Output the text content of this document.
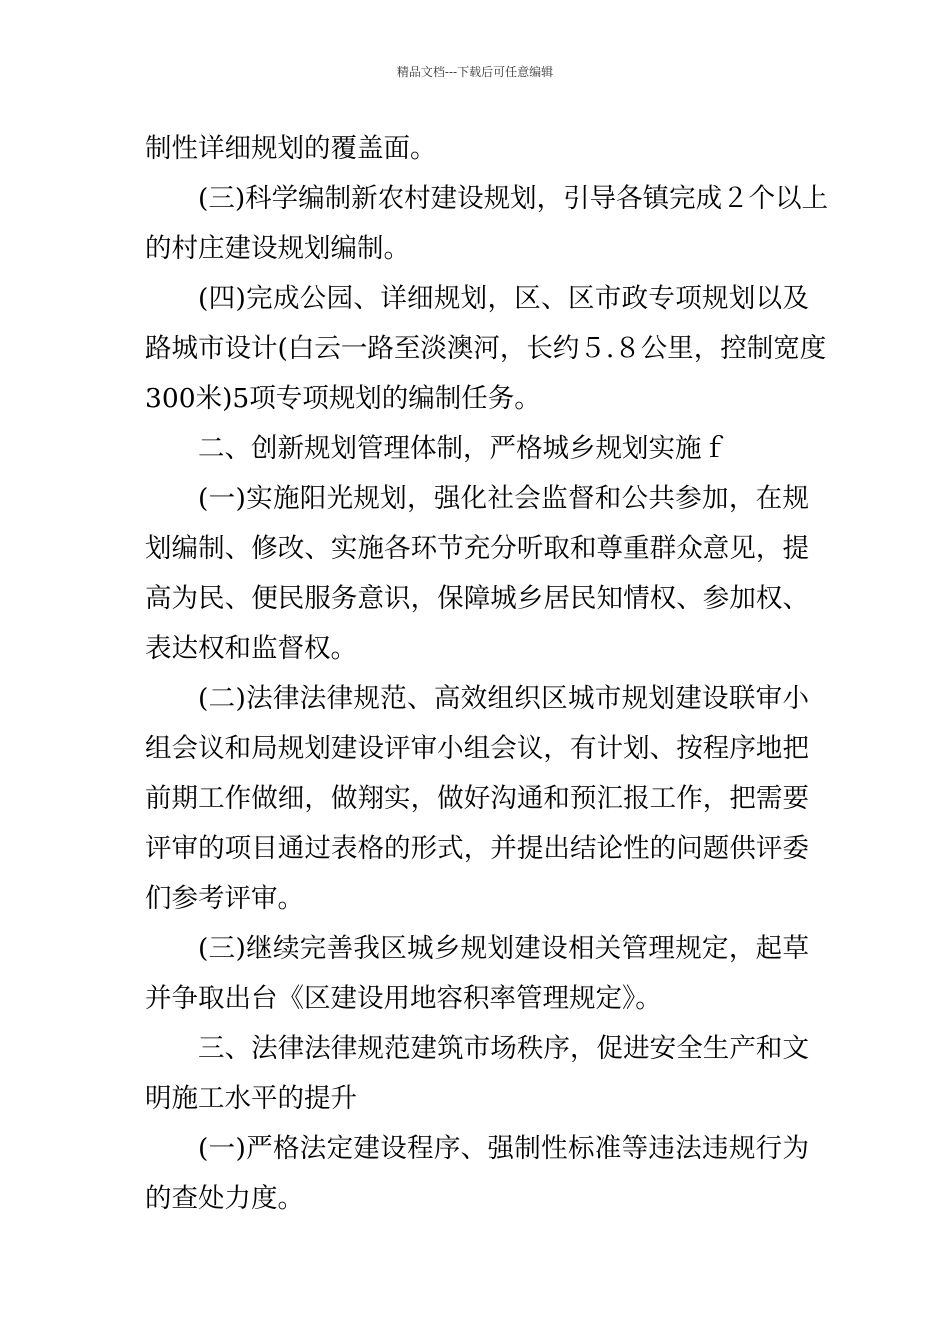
精品文档---下载后可任意编辑

制性详细规划的覆盖面。

(三)科学编制新农村建设规划，引导各镇完成２个以上
的村庄建设规划编制。

(四)完成公园、详细规划，区、区市政专项规划以及
路城市设计(白云一路至淡澳河，长约５.８公里，控制宽度
300米)5项专项规划的编制任务。

二、创新规划管理体制，严格城乡规划实施ｆ

(一)实施阳光规划，强化社会监督和公共参加，在规
划编制、修改、实施各环节充分听取和尊重群众意见，提
高为民、便民服务意识，保障城乡居民知情权、参加权、
表达权和监督权。

(二)法律法律规范、高效组织区城市规划建设联审小
组会议和局规划建设评审小组会议，有计划、按程序地把
前期工作做细，做翔实，做好沟通和预汇报工作，把需要
评审的项目通过表格的形式，并提出结论性的问题供评委
们参考评审。

(三)继续完善我区城乡规划建设相关管理规定，起草
并争取出台《区建设用地容积率管理规定》。

三、法律法律规范建筑市场秩序，促进安全生产和文
明施工水平的提升

(一)严格法定建设程序、强制性标准等违法违规行为
的查处力度。
